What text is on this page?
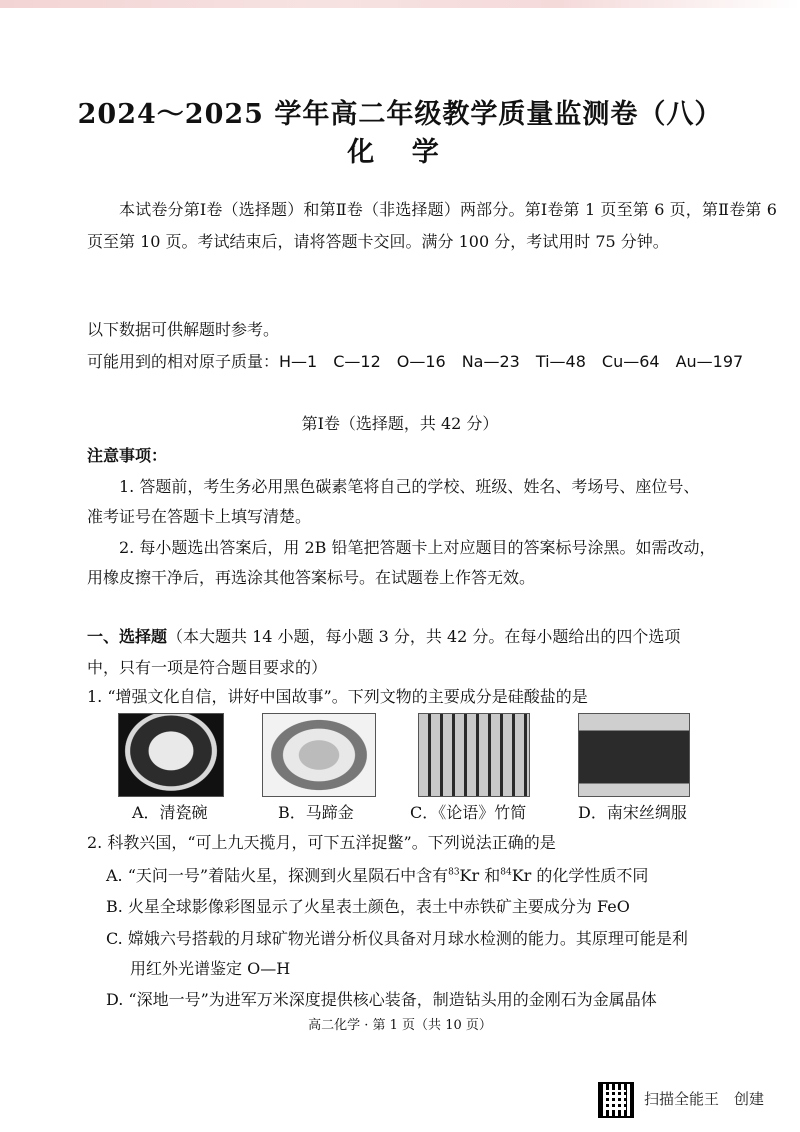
2024～2025 学年高二年级教学质量监测卷（八）
化 学
本试卷分第Ⅰ卷（选择题）和第Ⅱ卷（非选择题）两部分。第Ⅰ卷第 1 页至第 6 页，第Ⅱ卷第 6 页至第 10 页。考试结束后，请将答题卡交回。满分 100 分，考试用时 75 分钟。
以下数据可供解题时参考。
可能用到的相对原子质量：H—1　C—12　O—16　Na—23　Ti—48　Cu—64　Au—197
第Ⅰ卷（选择题，共 42 分）
注意事项：
1. 答题前，考生务必用黑色碳素笔将自己的学校、班级、姓名、考场号、座位号、
准考证号在答题卡上填写清楚。
2. 每小题选出答案后，用 2B 铅笔把答题卡上对应题目的答案标号涂黑。如需改动，
用橡皮擦干净后，再选涂其他答案标号。在试题卷上作答无效。
一、选择题（本大题共 14 小题，每小题 3 分，共 42 分。在每小题给出的四个选项
中，只有一项是符合题目要求的）
1. “增强文化自信，讲好中国故事”。下列文物的主要成分是硅酸盐的是
A．清瓷碗	B．马蹄金	C．《论语》竹简	D．南宋丝绸服
2. 科教兴国，“可上九天揽月，可下五洋捉鳖”。下列说法正确的是
A. “天问一号”着陆火星，探测到火星陨石中含有$^{83}$Kr 和$^{84}$Kr 的化学性质不同
B. 火星全球影像彩图显示了火星表土颜色，表土中赤铁矿主要成分为 FeO
C. 嫦娥六号搭载的月球矿物光谱分析仪具备对月球水检测的能力。其原理可能是利
用红外光谱鉴定 O—H
D. “深地一号”为进军万米深度提供核心装备，制造钻头用的金刚石为金属晶体
高二化学 · 第 1 页（共 10 页）
扫描全能王　创建
